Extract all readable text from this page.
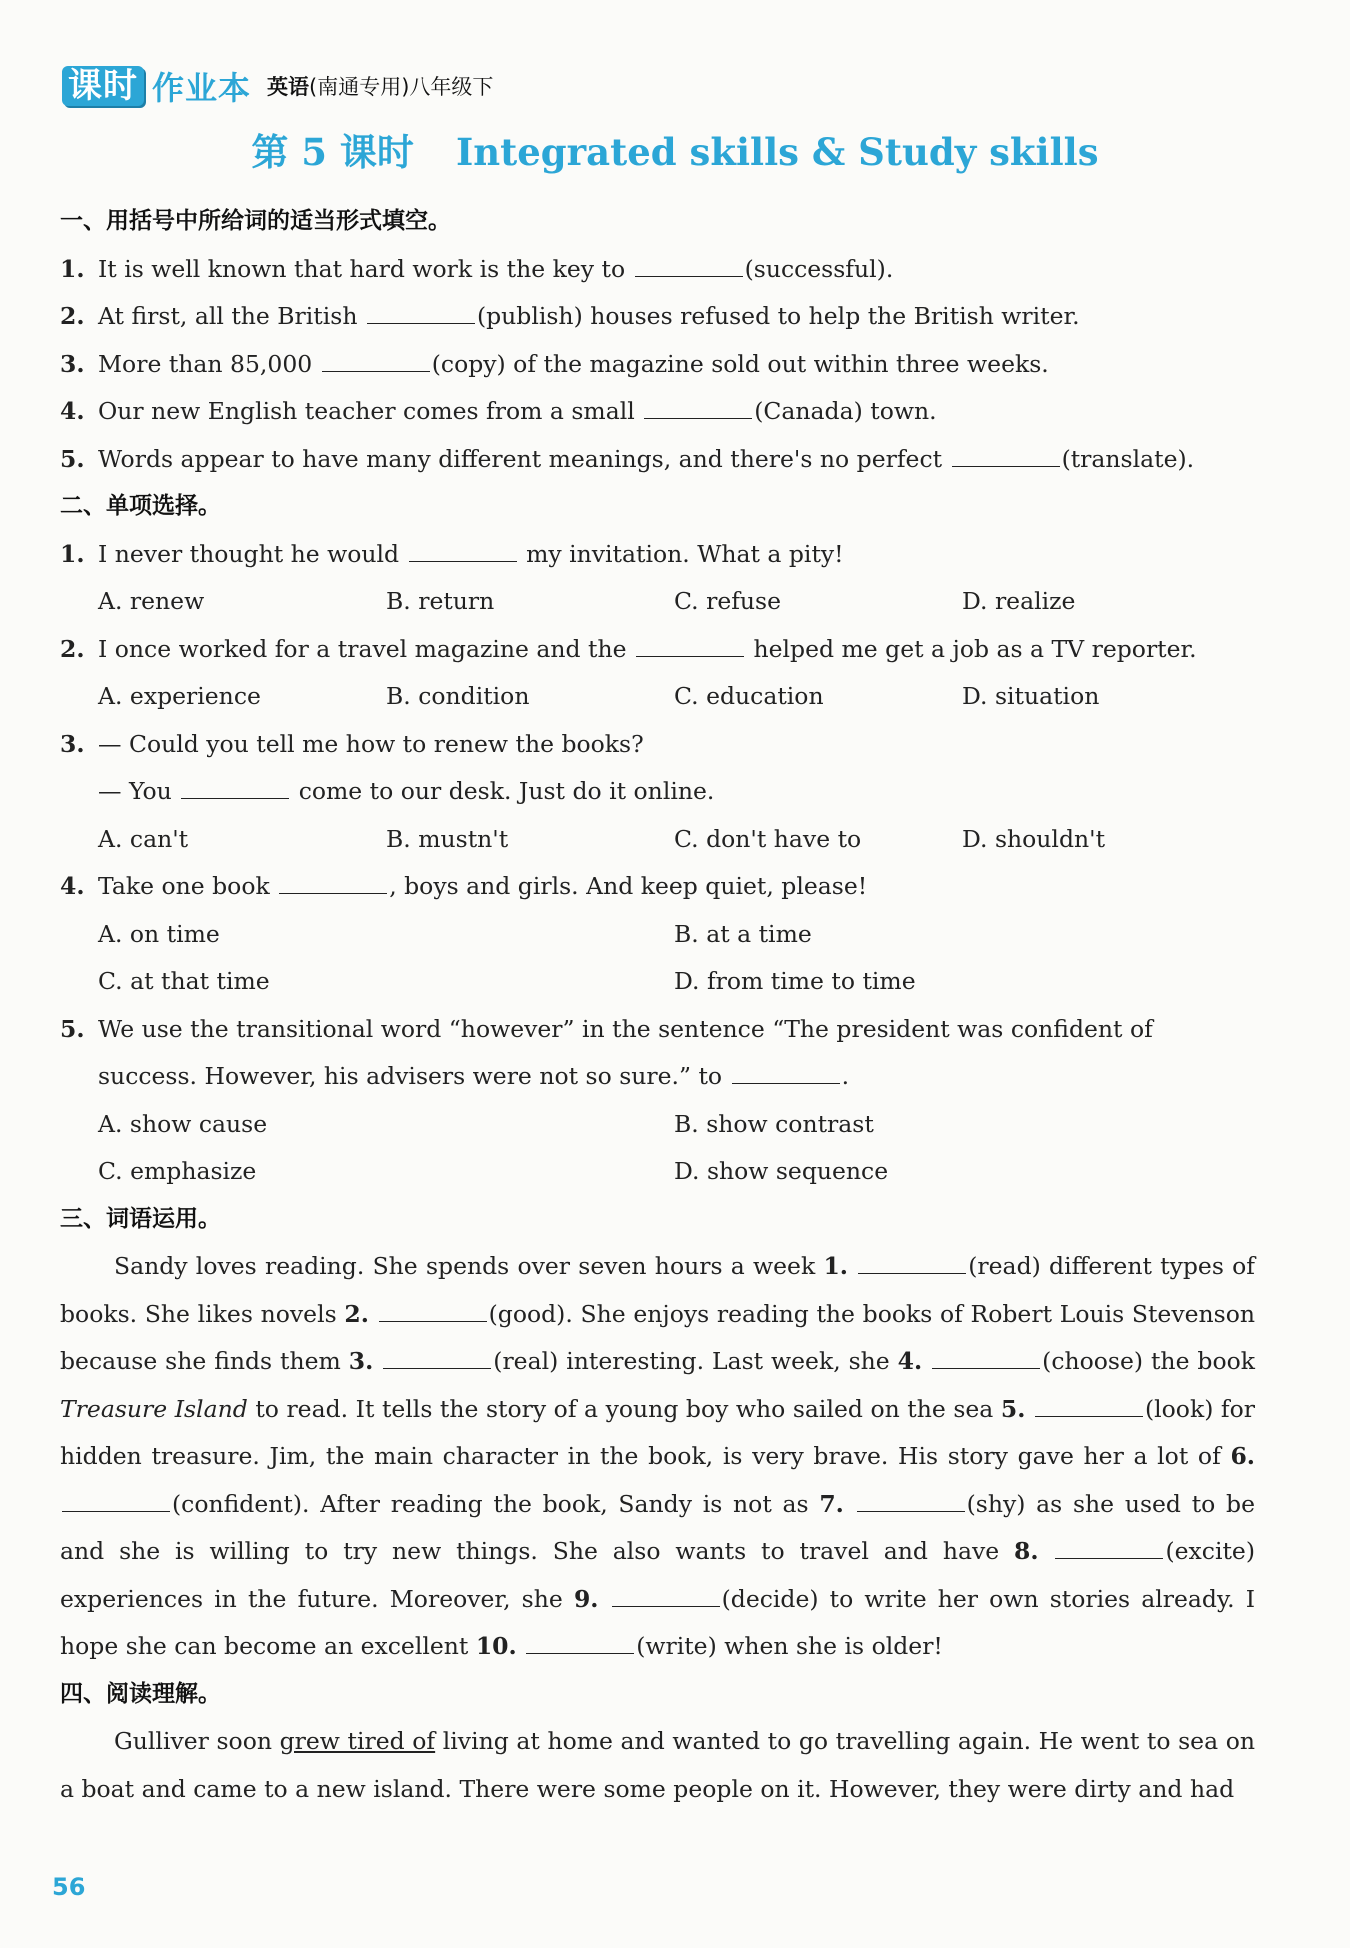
课时 作业本 英语 (南通专用)八年级下
第 5 课时 Integrated skills & Study skills
一、用括号中所给词的适当形式填空。
1. It is well known that hard work is the key to	(successful).
2. At first, all the British	(publish) houses refused to help the British writer.
3. More than 85,000	(copy) of the magazine sold out within three weeks.
4. Our new English teacher comes from a small	(Canada) town.
5. Words appear to have many different meanings, and there's no perfect	(translate).
二、单项选择。
1. I never thought he would	my invitation. What a pity!
A. renew	B. return	C. refuse	D. realize
2. I once worked for a travel magazine and the	helped me get a job as a TV reporter.
A. experience	B. condition	C. education	D. situation
3. — Could you tell me how to renew the books?
— You	come to our desk. Just do it online.
A. can't	B. mustn't	C. don't have to	D. shouldn't
4. Take one book	, boys and girls. And keep quiet, please!
A. on time	B. at a time
C. at that time	D. from time to time
5. We use the transitional word “however” in the sentence “The president was confident of
success. However, his advisers were not so sure.” to	.
A. show cause	B. show contrast
C. emphasize	D. show sequence
三、词语运用。
Sandy loves reading. She spends over seven hours a week 1.	(read) different types of books. She likes novels 2.	(good). She enjoys reading the books of Robert Louis Stevenson because she finds them 3.	(real) interesting. Last week, she 4.	(choose) the book Treasure Island to read. It tells the story of a young boy who sailed on the sea 5.	(look) for hidden treasure. Jim, the main character in the book, is very brave. His story gave her a lot of 6. (confident). After reading the book, Sandy is not as 7.	(shy) as she used to be and she is willing to try new things. She also wants to travel and have 8.	(excite) experiences in the future. Moreover, she 9.	(decide) to write her own stories already. I hope she can become an excellent 10.	(write) when she is older!
四、阅读理解。
Gulliver soon grew tired of living at home and wanted to go travelling again. He went to sea on a boat and came to a new island. There were some people on it. However, they were dirty and had
56
